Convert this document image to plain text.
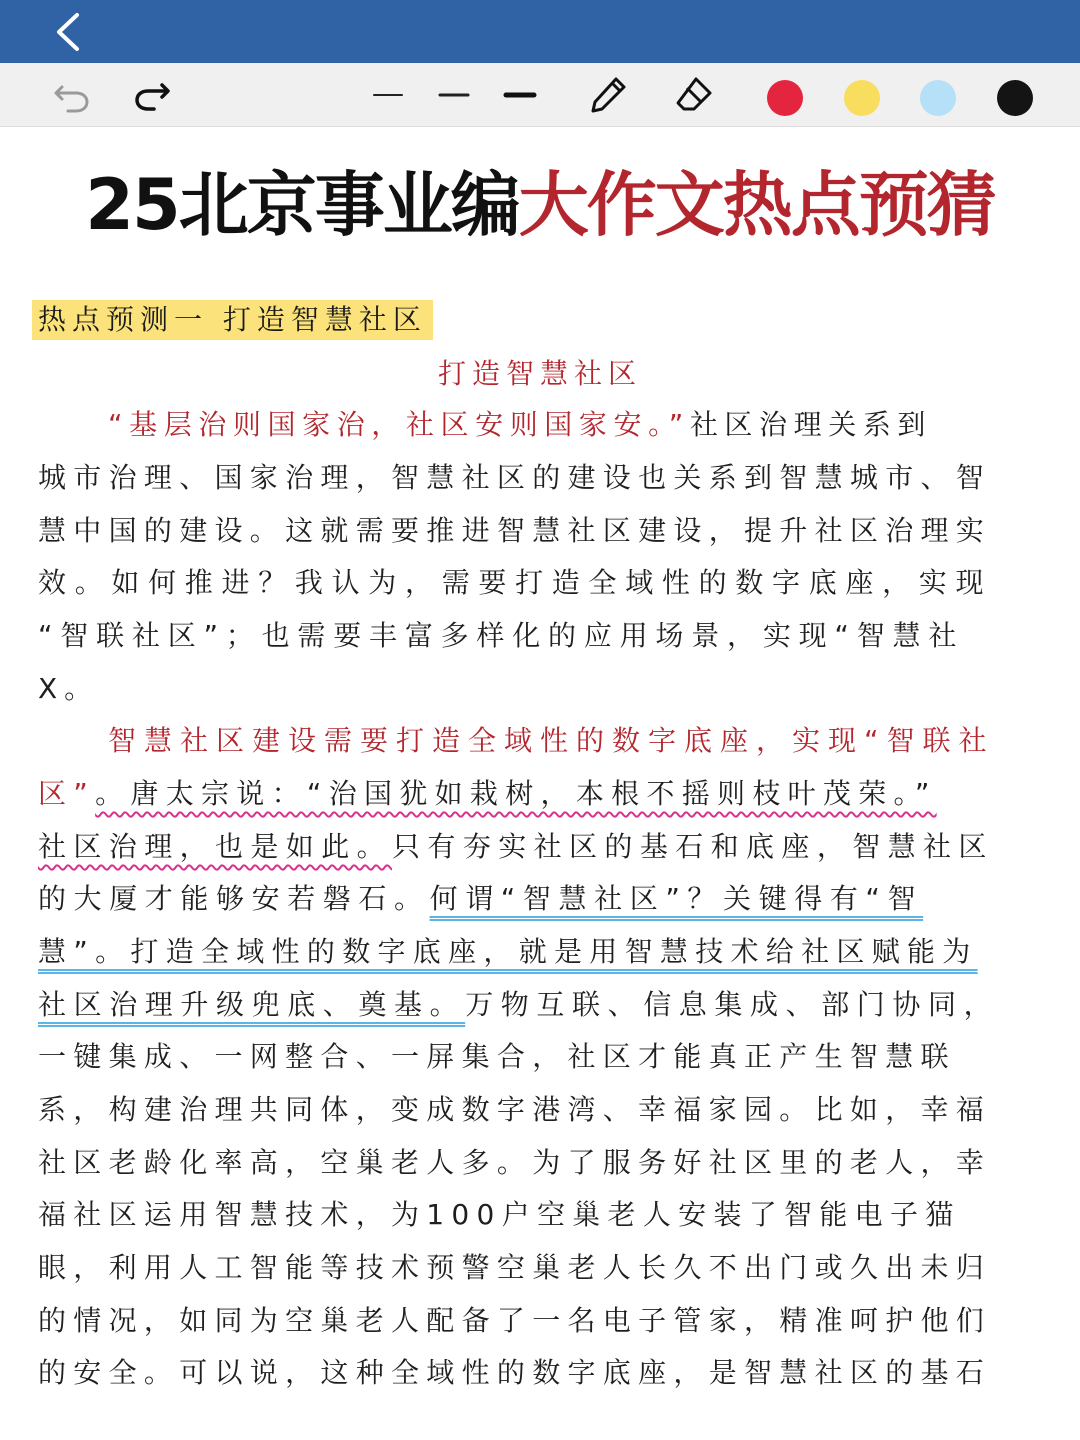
25北京事业编大作文热点预猜
热点预测一 打造智慧社区
打造智慧社区
“基层治则国家治，社区安则国家安。”社区治理关系到
城市治理、国家治理，智慧社区的建设也关系到智慧城市、智
慧中国的建设。这就需要推进智慧社区建设，提升社区治理实
效。如何推进？我认为，需要打造全域性的数字底座，实现
“智联社区”；也需要丰富多样化的应用场景，实现“智慧社
X。
智慧社区建设需要打造全域性的数字底座，实现“智联社
区”。唐太宗说：“治国犹如栽树，本根不摇则枝叶茂荣。”
社区治理，也是如此。只有夯实社区的基石和底座，智慧社区
的大厦才能够安若磐石。何谓“智慧社区”？关键得有“智
慧”。打造全域性的数字底座，就是用智慧技术给社区赋能为
社区治理升级兜底、奠基。万物互联、信息集成、部门协同，
一键集成、一网整合、一屏集合，社区才能真正产生智慧联
系，构建治理共同体，变成数字港湾、幸福家园。比如，幸福
社区老龄化率高，空巢老人多。为了服务好社区里的老人，幸
福社区运用智慧技术，为100户空巢老人安装了智能电子猫
眼，利用人工智能等技术预警空巢老人长久不出门或久出未归
的情况，如同为空巢老人配备了一名电子管家，精准呵护他们
的安全。可以说，这种全域性的数字底座，是智慧社区的基石
